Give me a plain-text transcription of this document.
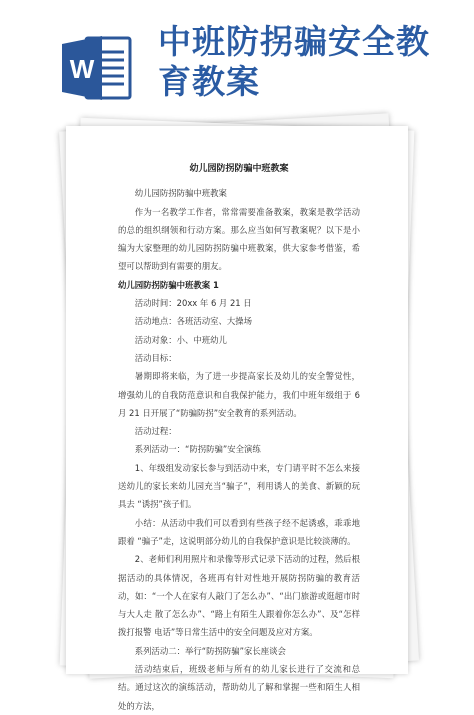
W
中班防拐骗安全教育教案

幼儿园防拐防骗中班教案

幼儿园防拐防骗中班教案

作为一名教学工作者，常常需要准备教案，教案是教学活动的总的组织纲领和行动方案。那么应当如何写教案呢？以下是小编为大家整理的幼儿园防拐防骗中班教案，供大家参考借鉴，希望可以帮助到有需要的朋友。

幼儿园防拐防骗中班教案 1

活动时间：20xx 年 6 月 21 日

活动地点：各班活动室、大操场

活动对象：小、中班幼儿

活动目标：

暑期即将来临，为了进一步提高家长及幼儿的安全警觉性，增强幼儿的自我防范意识和自我保护能力，我们中班年级组于 6 月 21 日开展了“防骗防拐”安全教育的系列活动。

活动过程：

系列活动一：“防拐防骗”安全演练

1、年级组发动家长参与到活动中来，专门请平时不怎么来接送幼儿的家长来幼儿园充当“骗子”，利用诱人的美食、新颖的玩具去 “诱拐”孩子们。

小结：从活动中我们可以看到有些孩子经不起诱惑，乖乖地跟着 “骗子”走，这说明部分幼儿的自我保护意识是比较淡薄的。

2、老师们利用照片和录像等形式记录下活动的过程，然后根据活动的具体情况，各班再有针对性地开展防拐防骗的教育活动，如：“一个人在家有人敲门了怎么办”、“出门旅游或逛超市时与大人走 散了怎么办”、“路上有陌生人跟着你怎么办”、及“怎样拨打报警 电话”等日常生活中的安全问题及应对方案。

系列活动二：举行“防拐防骗”家长座谈会

活动结束后，班级老师与所有的幼儿家长进行了交流和总结。通过这次的演练活动，帮助幼儿了解和掌握一些和陌生人相处的方法，
